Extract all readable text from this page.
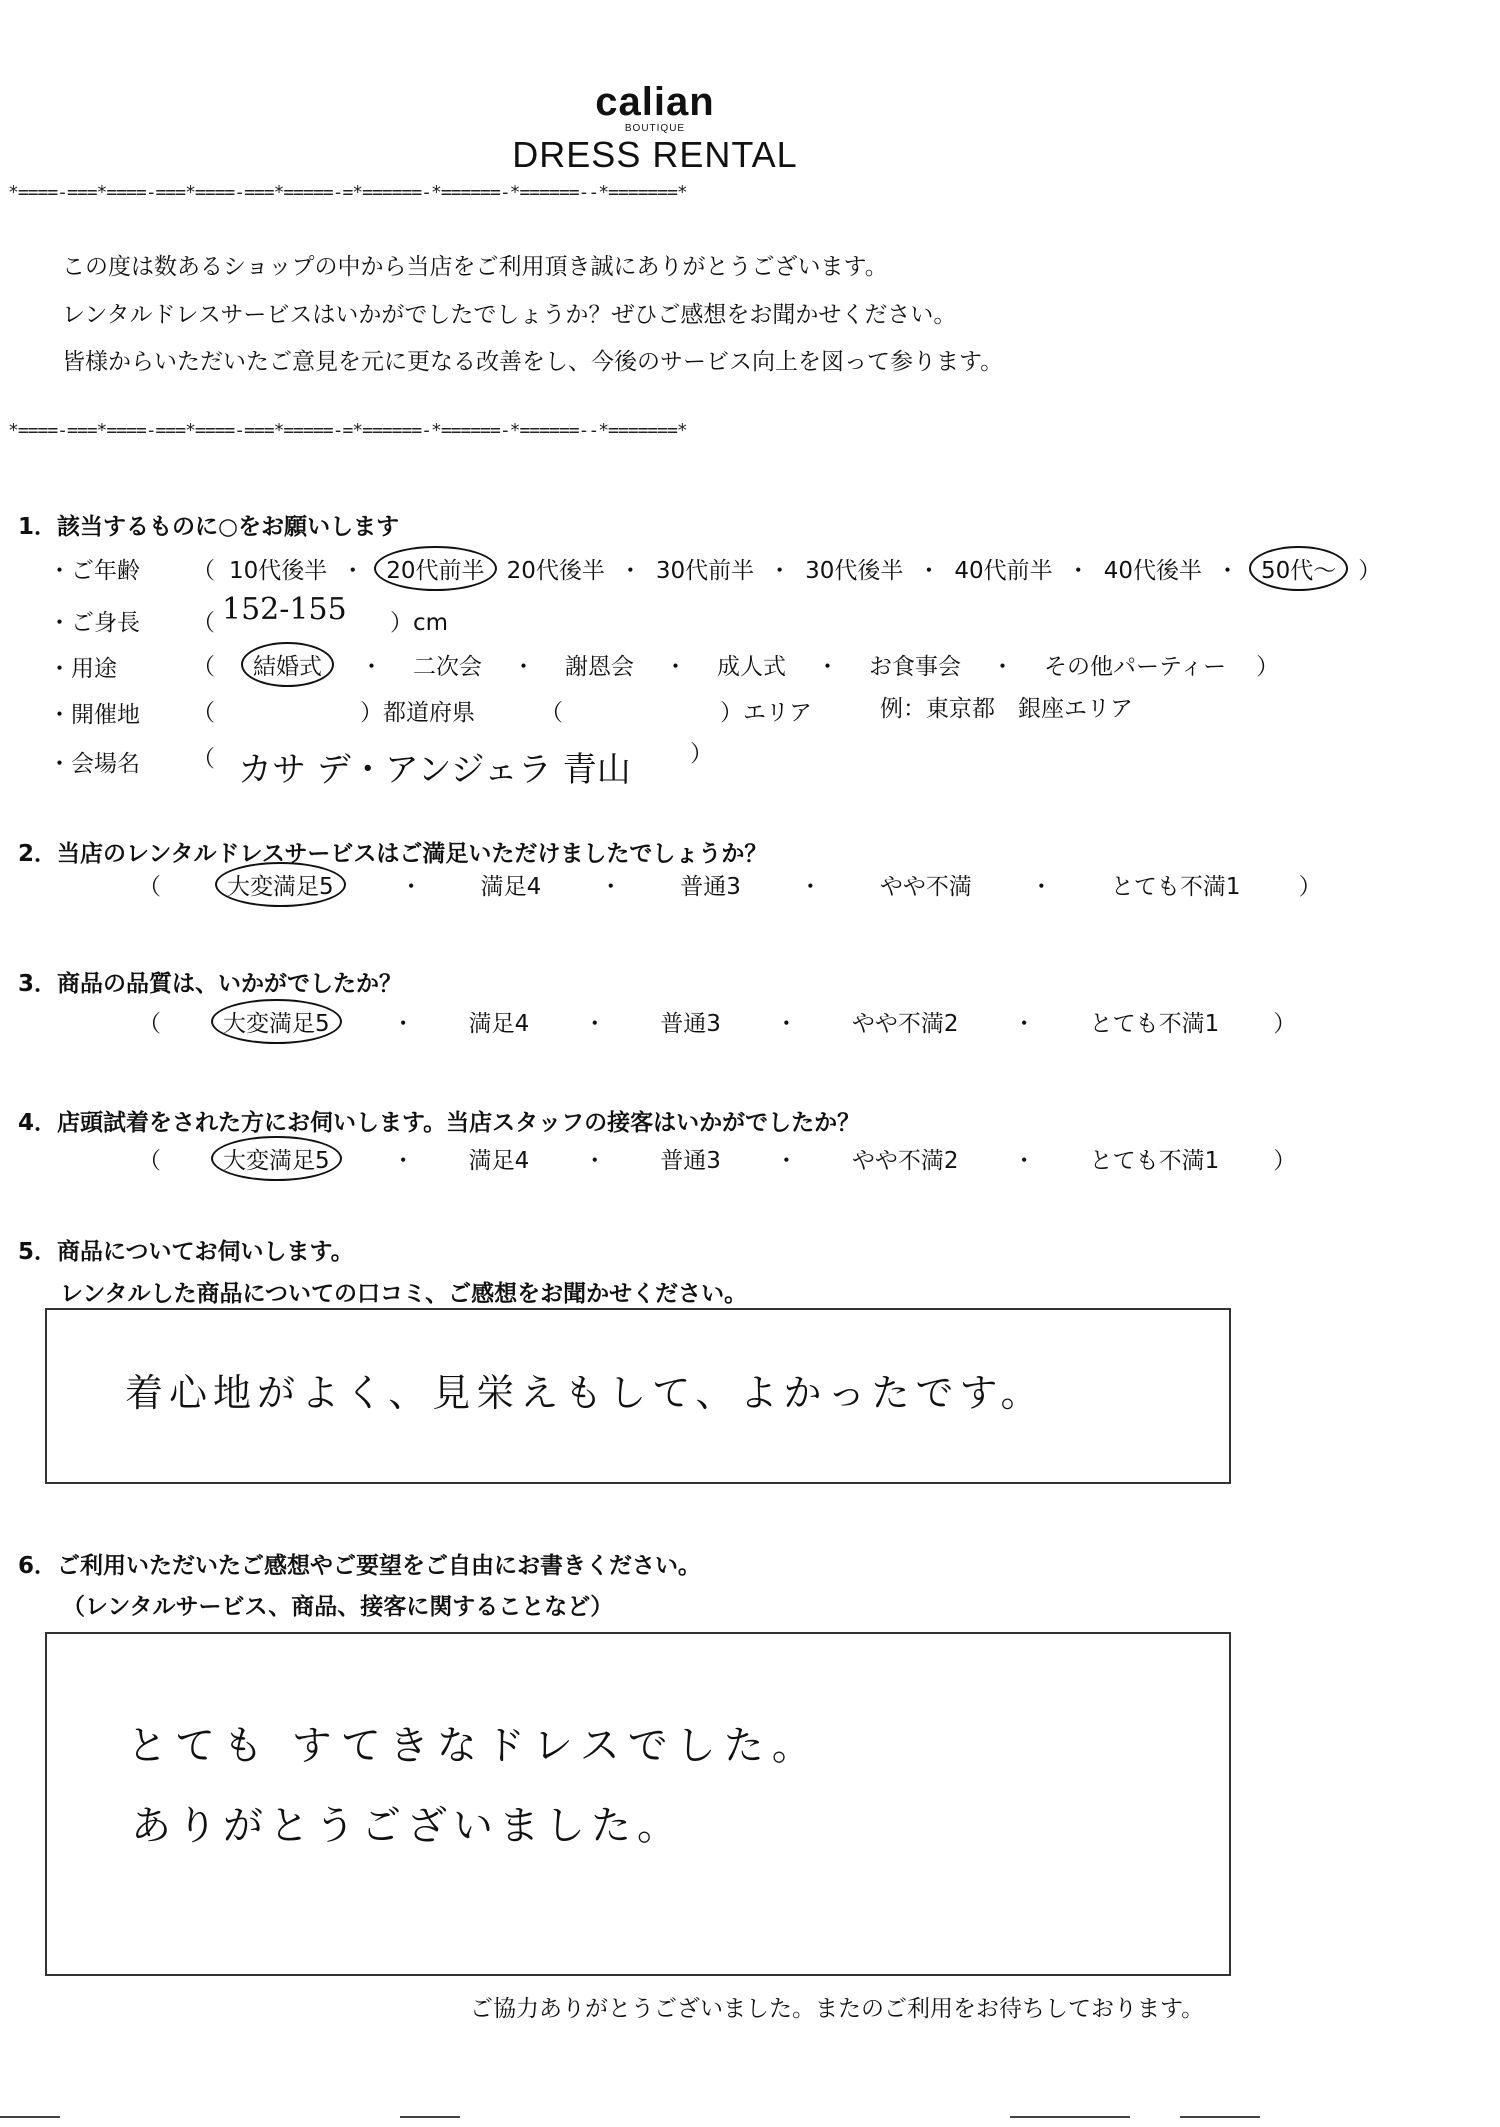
calian
BOUTIQUE
DRESS RENTAL
*====-===*====-===*====-===*=====-=*======-*======-*======--*=======*
この度は数あるショップの中から当店をご利用頂き誠にありがとうございます。
レンタルドレスサービスはいかがでしたでしょうか？ぜひご感想をお聞かせください。
皆様からいただいたご意見を元に更なる改善をし、今後のサービス向上を図って参ります。
*====-===*====-===*====-===*=====-=*======-*======-*======--*=======*
1．該当するものに○をお願いします
・ご年齢 （ 10代後半 ・ 20代前半 20代後半 ・ 30代前半 ・ 30代後半 ・ 40代前半 ・ 40代後半 ・ 50代～ ）
・ご身長 （ 152-155 ）cm
・用途	（	結婚式	・ 二次会 ・ 謝恩会 ・ 成人式 ・ お食事会 ・ その他パーティー ）
・開催地 （	）都道府県	（	）エリア	例：東京都　銀座エリア
・会場名 （ カサ デ・アンジェラ 青山	）
2．当店のレンタルドレスサービスはご満足いただけましたでしょうか？
（	大変満足5	・	満足4	・	普通3	・	やや不満	・	とても不満1	）
3．商品の品質は、いかがでしたか？
（	大変満足5	・ 満足4 ・ 普通3 ・ やや不満2 ・ とても不満1 ）
4．店頭試着をされた方にお伺いします。当店スタッフの接客はいかがでしたか？
（	大変満足5	・ 満足4 ・ 普通3 ・ やや不満2 ・ とても不満1 ）
5．商品についてお伺いします。
レンタルした商品についての口コミ、ご感想をお聞かせください。
着心地がよく、見栄えもして、よかったです。
6．ご利用いただいたご感想やご要望をご自由にお書きください。
（レンタルサービス、商品、接客に関することなど）
とても すてきなドレスでした。
ありがとうございました。
ご協力ありがとうございました。またのご利用をお待ちしております。
